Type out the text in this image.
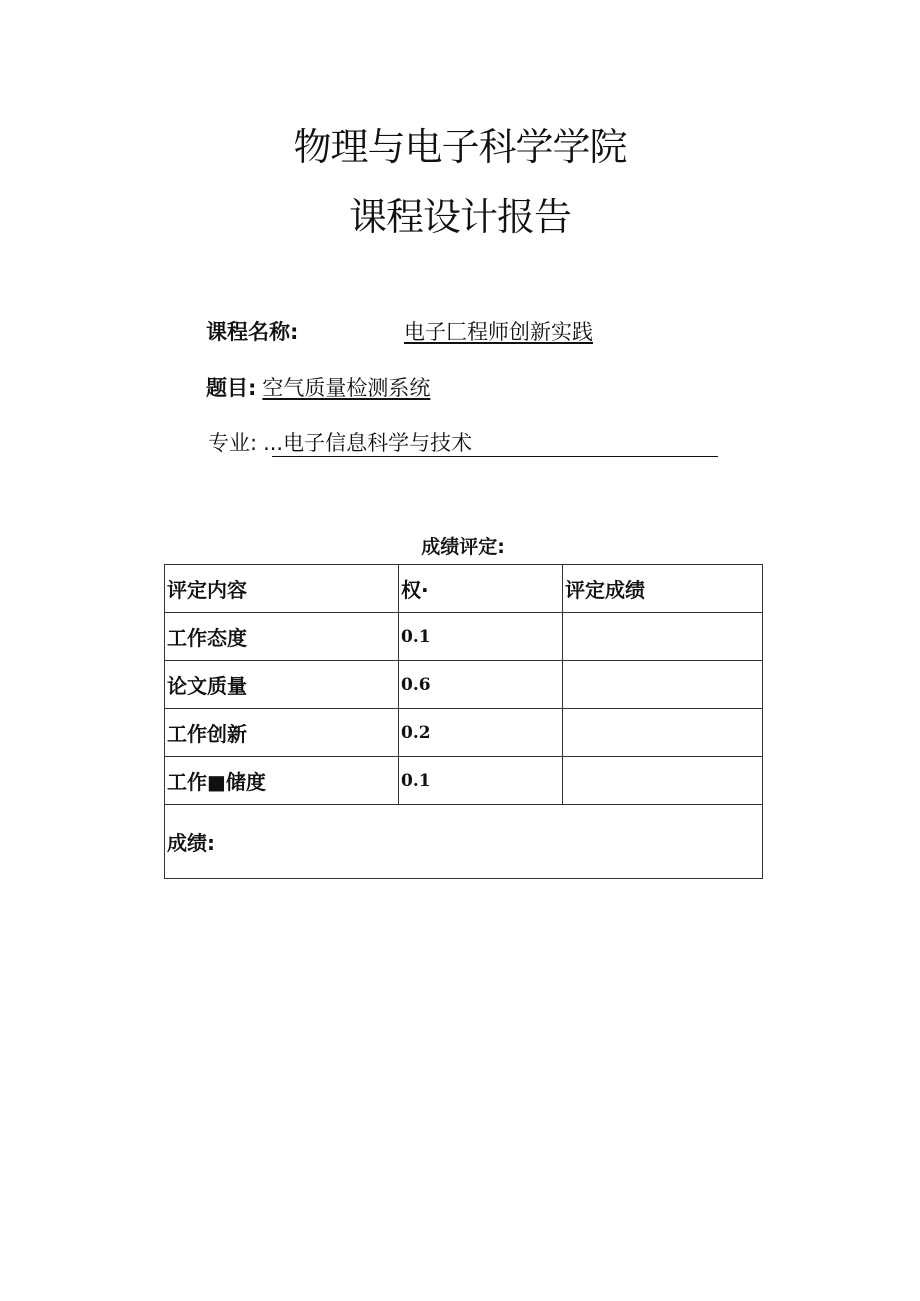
物理与电子科学学院
课程设计报告
课程名称:	电子匚程师创新实践
题目: 空气质量检测系统
专业: ...电子信息科学与技术
成绩评定:
评定内容	权·	评定成绩
工作态度	0.1	
论文质量	0.6	
工作创新	0.2	
工作■储度	0.1	
成绩:		
